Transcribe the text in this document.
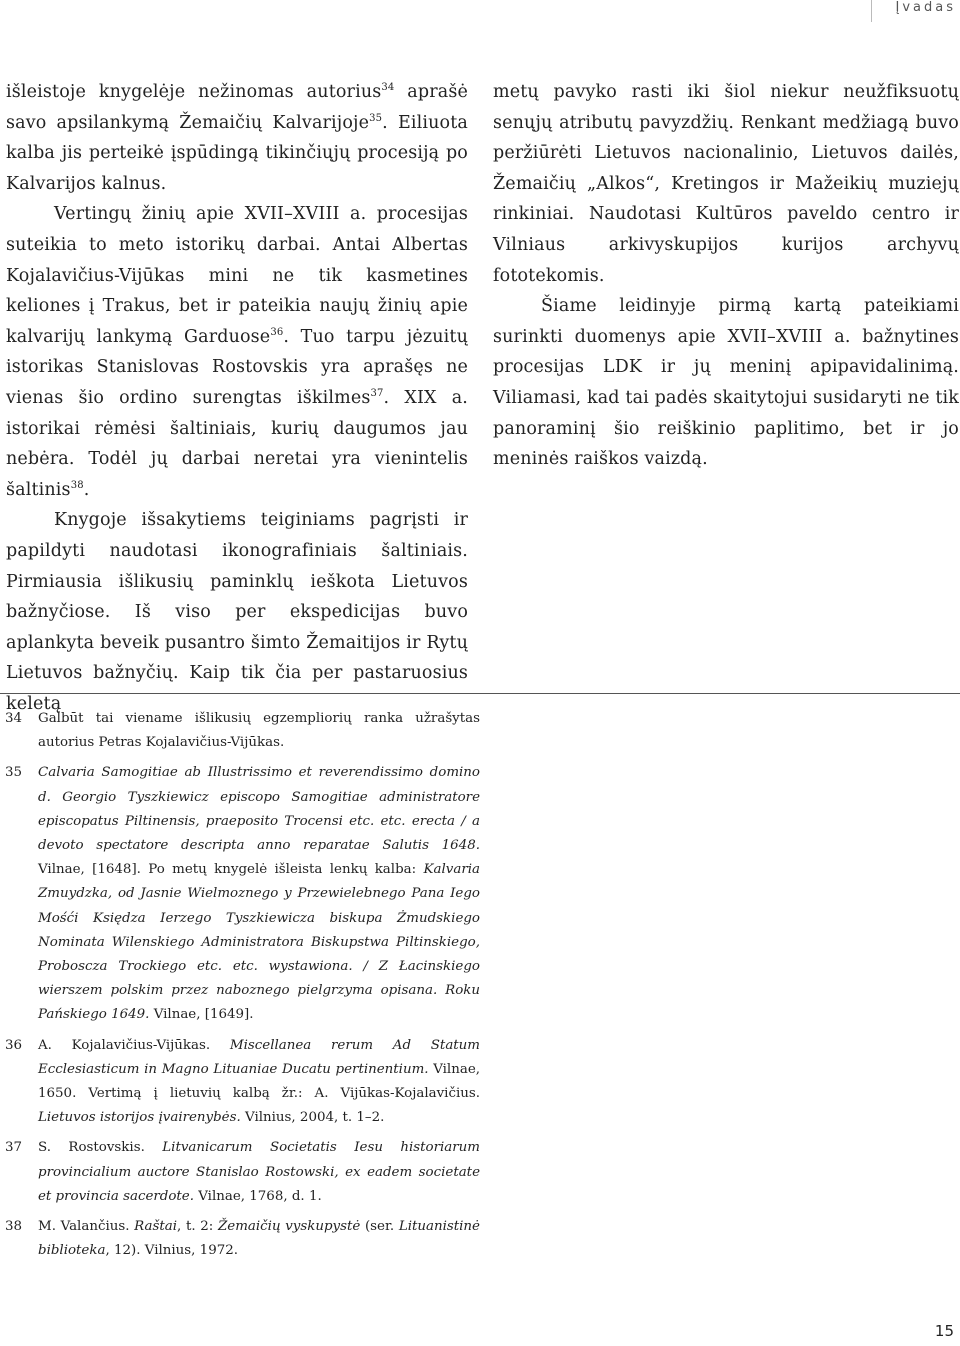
Įvadas

išleistoje knygelėje nežinomas autorius$^{34}$ aprašė savo apsilankymą Žemaičių Kalvarijoje$^{35}$. Eiliuota kalba jis perteikė įspūdingą tikinčiųjų procesiją po Kalvarijos kalnus.

Vertingų žinių apie XVII–XVIII a. procesijas suteikia to meto istorikų darbai. Antai Albertas Kojalavičius-Vijūkas mini ne tik kasmetines keliones į Trakus, bet ir pateikia naujų žinių apie kalvarijų lankymą Garduose$^{36}$. Tuo tarpu jėzuitų istorikas Stanislovas Rostovskis yra aprašęs ne vienas šio ordino surengtas iškilmes$^{37}$. XIX a. istorikai rėmėsi šaltiniais, kurių daugumos jau nebėra. Todėl jų darbai neretai yra vienintelis šaltinis$^{38}$.

Knygoje išsakytiems teiginiams pagrįsti ir papildyti naudotasi ikonografiniais šaltiniais. Pirmiausia išlikusių paminklų ieškota Lietuvos bažnyčiose. Iš viso per ekspedicijas buvo aplankyta beveik pusantro šimto Žemaitijos ir Rytų Lietuvos bažnyčių. Kaip tik čia per pastaruosius keletą

metų pavyko rasti iki šiol niekur neužfiksuotų senųjų atributų pavyzdžių. Renkant medžiagą buvo peržiūrėti Lietuvos nacionalinio, Lietuvos dailės, Žemaičių „Alkos“, Kretingos ir Mažeikių muziejų rinkiniai. Naudotasi Kultūros paveldo centro ir Vilniaus arkivyskupijos kurijos archyvų fototekomis.

Šiame leidinyje pirmą kartą pateikiami surinkti duomenys apie XVII–XVIII a. bažnytines procesijas LDK ir jų meninį apipavidalinimą. Viliamasi, kad tai padės skaitytojui susidaryti ne tik panoraminį šio reiškinio paplitimo, bet ir jo meninės raiškos vaizdą.

34 Galbūt tai viename išlikusių egzempliorių ranka užrašytas autorius Petras Kojalavičius-Vijūkas.
35 Calvaria Samogitiae ab Illustrissimo et reverendissimo domino d. Georgio Tyszkiewicz episcopo Samogitiae administratore episcopatus Piltinensis, praeposito Trocensi etc. etc. erecta / a devoto spectatore descripta anno reparatae Salutis 1648. Vilnae, [1648]. Po metų knygelė išleista lenkų kalba: Kalvaria Zmuydzka, od Jasnie Wielmoznego y Przewielebnego Pana Iego Mośći Księdza Ierzego Tyszkiewicza biskupa Żmudskiego Nominata Wilenskiego Administratora Biskupstwa Piltinskiego, Proboscza Trockiego etc. etc. wystawiona. / Z Łacinskiego wierszem polskim przez naboznego pielgrzyma opisana. Roku Pańskiego 1649. Vilnae, [1649].
36 A. Kojalavičius-Vijūkas. Miscellanea rerum Ad Statum Ecclesiasticum in Magno Lituaniae Ducatu pertinentium. Vilnae, 1650. Vertimą į lietuvių kalbą žr.: A. Vijūkas-Kojalavičius. Lietuvos istorijos įvairenybės. Vilnius, 2004, t. 1–2.
37 S. Rostovskis. Litvanicarum Societatis Iesu historiarum provincialium auctore Stanislao Rostowski, ex eadem societate et provincia sacerdote. Vilnae, 1768, d. 1.
38 M. Valančius. Raštai, t. 2: Žemaičių vyskupystė (ser. Lituanistinė biblioteka, 12). Vilnius, 1972.
15
